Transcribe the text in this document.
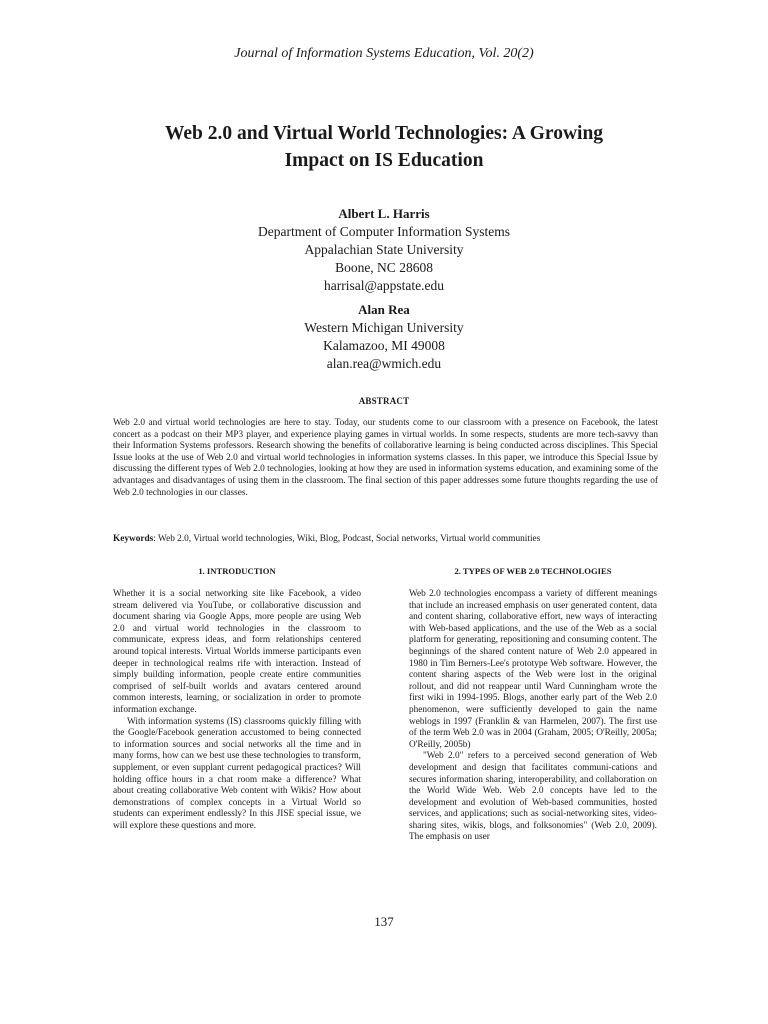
Journal of Information Systems Education, Vol. 20(2)
Web 2.0 and Virtual World Technologies: A Growing
Impact on IS Education
Albert L. Harris
Department of Computer Information Systems
Appalachian State University
Boone, NC 28608
harrisal@appstate.edu
Alan Rea
Western Michigan University
Kalamazoo, MI 49008
alan.rea@wmich.edu
ABSTRACT
Web 2.0 and virtual world technologies are here to stay. Today, our students come to our classroom with a presence on Facebook, the latest concert as a podcast on their MP3 player, and experience playing games in virtual worlds. In some respects, students are more tech-savvy than their Information Systems professors. Research showing the benefits of collaborative learning is being conducted across disciplines. This Special Issue looks at the use of Web 2.0 and virtual world technologies in information systems classes. In this paper, we introduce this Special Issue by discussing the different types of Web 2.0 technologies, looking at how they are used in information systems education, and examining some of the advantages and disadvantages of using them in the classroom. The final section of this paper addresses some future thoughts regarding the use of Web 2.0 technologies in our classes.
Keywords: Web 2.0, Virtual world technologies, Wiki, Blog, Podcast, Social networks, Virtual world communities
1. INTRODUCTION

Whether it is a social networking site like Facebook, a video stream delivered via YouTube, or collaborative discussion and document sharing via Google Apps, more people are using Web 2.0 and virtual world technologies in the classroom to communicate, express ideas, and form relationships centered around topical interests. Virtual Worlds immerse participants even deeper in technological realms rife with interaction. Instead of simply building information, people create entire communities comprised of self-built worlds and avatars centered around common interests, learning, or socialization in order to promote information exchange.

With information systems (IS) classrooms quickly filling with the Google/Facebook generation accustomed to being connected to information sources and social networks all the time and in many forms, how can we best use these technologies to transform, supplement, or even supplant current pedagogical practices? Will holding office hours in a chat room make a difference? What about creating collaborative Web content with Wikis? How about demonstrations of complex concepts in a Virtual World so students can experiment endlessly? In this JISE special issue, we will explore these questions and more.

2. TYPES OF WEB 2.0 TECHNOLOGIES

Web 2.0 technologies encompass a variety of different meanings that include an increased emphasis on user generated content, data and content sharing, collaborative effort, new ways of interacting with Web-based applications, and the use of the Web as a social platform for generating, repositioning and consuming content. The beginnings of the shared content nature of Web 2.0 appeared in 1980 in Tim Berners-Lee's prototype Web software. However, the content sharing aspects of the Web were lost in the original rollout, and did not reappear until Ward Cunningham wrote the first wiki in 1994-1995. Blogs, another early part of the Web 2.0 phenomenon, were sufficiently developed to gain the name weblogs in 1997 (Franklin & van Harmelen, 2007). The first use of the term Web 2.0 was in 2004 (Graham, 2005; O'Reilly, 2005a; O'Reilly, 2005b)

"Web 2.0" refers to a perceived second generation of Web development and design that facilitates communi-cations and secures information sharing, interoperability, and collaboration on the World Wide Web. Web 2.0 concepts have led to the development and evolution of Web-based communities, hosted services, and applications; such as social-networking sites, video-sharing sites, wikis, blogs, and folksonomies" (Web 2.0, 2009). The emphasis on user

137
